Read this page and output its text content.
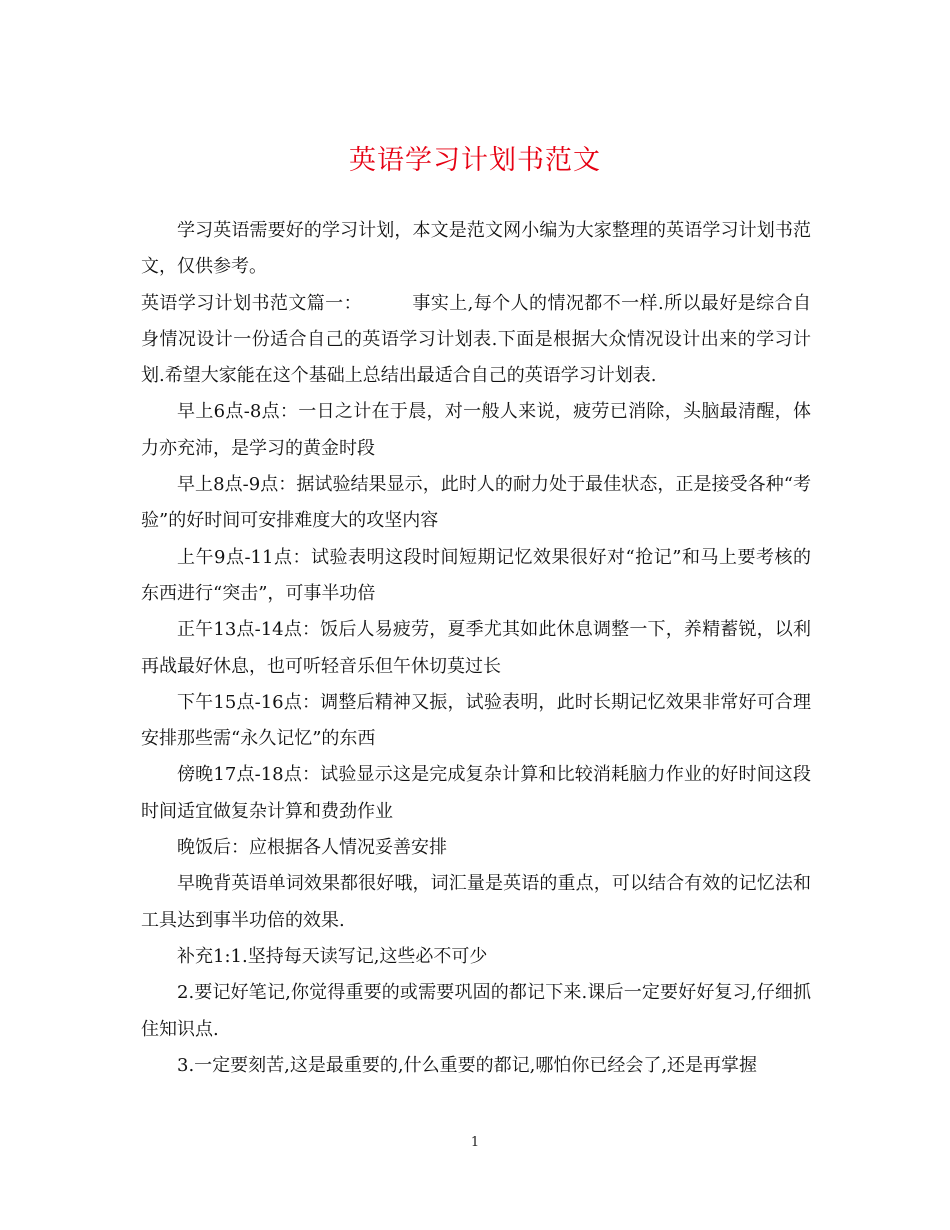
英语学习计划书范文

学习英语需要好的学习计划，本文是范文网小编为大家整理的英语学习计划书范文，仅供参考。

英语学习计划书范文篇一：	事实上,每个人的情况都不一样.所以最好是综合自身情况设计一份适合自己的英语学习计划表.下面是根据大众情况设计出来的学习计划.希望大家能在这个基础上总结出最适合自己的英语学习计划表.

早上6点-8点：一日之计在于晨，对一般人来说，疲劳已消除，头脑最清醒，体力亦充沛，是学习的黄金时段

早上8点-9点：据试验结果显示，此时人的耐力处于最佳状态，正是接受各种“考验”的好时间可安排难度大的攻坚内容

上午9点-11点：试验表明这段时间短期记忆效果很好对“抢记”和马上要考核的东西进行“突击”，可事半功倍

正午13点-14点：饭后人易疲劳，夏季尤其如此休息调整一下，养精蓄锐，以利再战最好休息，也可听轻音乐但午休切莫过长

下午15点-16点：调整后精神又振，试验表明，此时长期记忆效果非常好可合理安排那些需“永久记忆”的东西

傍晚17点-18点：试验显示这是完成复杂计算和比较消耗脑力作业的好时间这段时间适宜做复杂计算和费劲作业

晚饭后：应根据各人情况妥善安排

早晚背英语单词效果都很好哦，词汇量是英语的重点，可以结合有效的记忆法和工具达到事半功倍的效果.

补充1:1.坚持每天读写记,这些必不可少

2.要记好笔记,你觉得重要的或需要巩固的都记下来.课后一定要好好复习,仔细抓住知识点.

3.一定要刻苦,这是最重要的,什么重要的都记,哪怕你已经会了,还是再掌握

1
